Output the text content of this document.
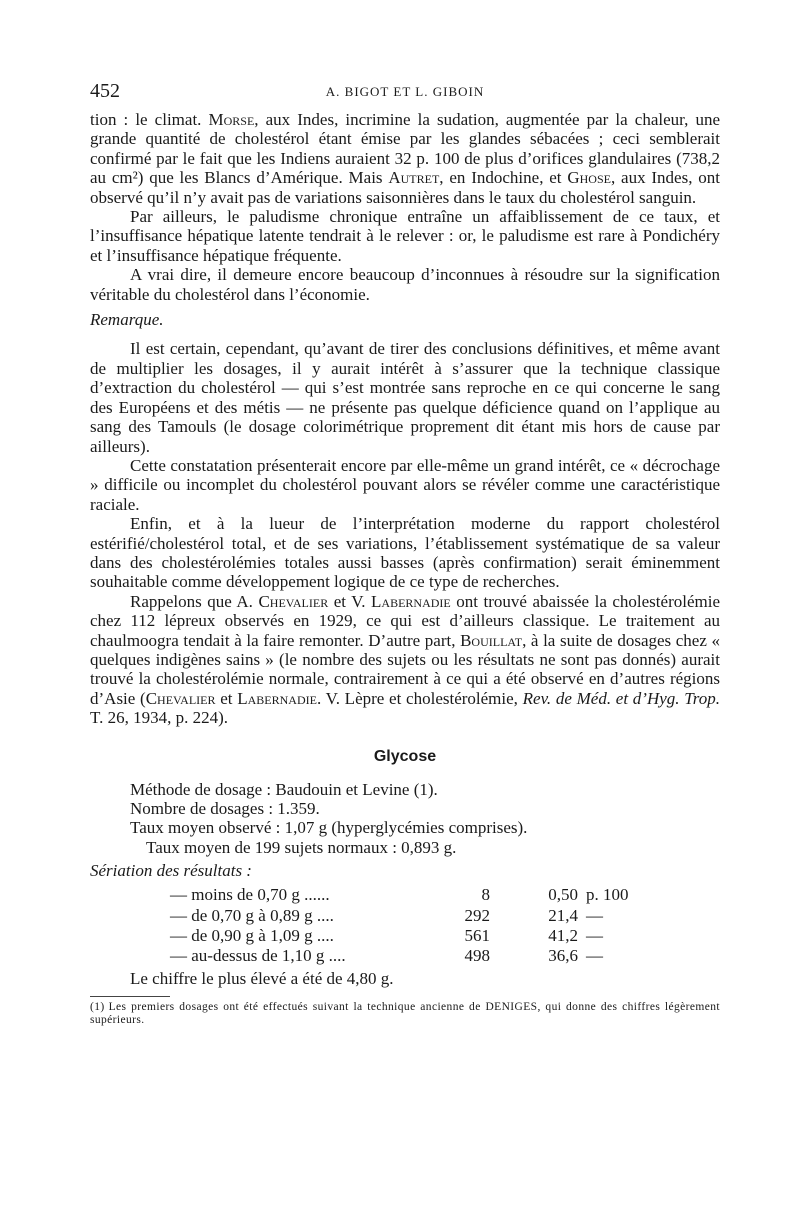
452	A. BIGOT ET L. GIBOIN

tion : le climat. Morse, aux Indes, incrimine la sudation, augmentée par la chaleur, une grande quantité de cholestérol étant émise par les glandes sébacées ; ceci semblerait confirmé par le fait que les Indiens auraient 32 p. 100 de plus d’orifices glandulaires (738,2 au cm²) que les Blancs d’Amérique. Mais Autret, en Indochine, et Ghose, aux Indes, ont observé qu’il n’y avait pas de variations saisonnières dans le taux du cholestérol sanguin.

Par ailleurs, le paludisme chronique entraîne un affaiblissement de ce taux, et l’insuffisance hépatique latente tendrait à le relever : or, le paludisme est rare à Pondichéry et l’insuffisance hépatique fréquente.

A vrai dire, il demeure encore beaucoup d’inconnues à résoudre sur la signification véritable du cholestérol dans l’économie.

Remarque.

Il est certain, cependant, qu’avant de tirer des conclusions définitives, et même avant de multiplier les dosages, il y aurait intérêt à s’assurer que la technique classique d’extraction du cholestérol — qui s’est montrée sans reproche en ce qui concerne le sang des Européens et des métis — ne présente pas quelque déficience quand on l’applique au sang des Tamouls (le dosage colorimétrique proprement dit étant mis hors de cause par ailleurs).

Cette constatation présenterait encore par elle-même un grand intérêt, ce « décrochage » difficile ou incomplet du cholestérol pouvant alors se révéler comme une caractéristique raciale.

Enfin, et à la lueur de l’interprétation moderne du rapport cholestérol estérifié/cholestérol total, et de ses variations, l’établissement systématique de sa valeur dans des cholestérolémies totales aussi basses (après confirmation) serait éminemment souhaitable comme développement logique de ce type de recherches.

Rappelons que A. Chevalier et V. Labernadie ont trouvé abaissée la cholestérolémie chez 112 lépreux observés en 1929, ce qui est d’ailleurs classique. Le traitement au chaulmoogra tendait à la faire remonter. D’autre part, Bouillat, à la suite de dosages chez « quelques indigènes sains » (le nombre des sujets ou les résultats ne sont pas donnés) aurait trouvé la cholestérolémie normale, contrairement à ce qui a été observé en d’autres régions d’Asie (Chevalier et Labernadie. V. Lèpre et cholestérolémie, Rev. de Méd. et d’Hyg. Trop. T. 26, 1934, p. 224).

Glycose

Méthode de dosage : Baudouin et Levine (1).

Nombre de dosages : 1.359.

Taux moyen observé : 1,07 g (hyperglycémies comprises).

Taux moyen de 199 sujets normaux : 0,893 g.

Sériation des résultats :
— moins de 0,70 g ......	8	0,50	p. 100
— de 0,70 g à 0,89 g ....	292	21,4	—
— de 0,90 g à 1,09 g ....	561	41,2	—
— au-dessus de 1,10 g ....	498	36,6	—

Le chiffre le plus élevé a été de 4,80 g.

(1) Les premiers dosages ont été effectués suivant la technique ancienne de DENIGES, qui donne des chiffres légèrement supérieurs.
